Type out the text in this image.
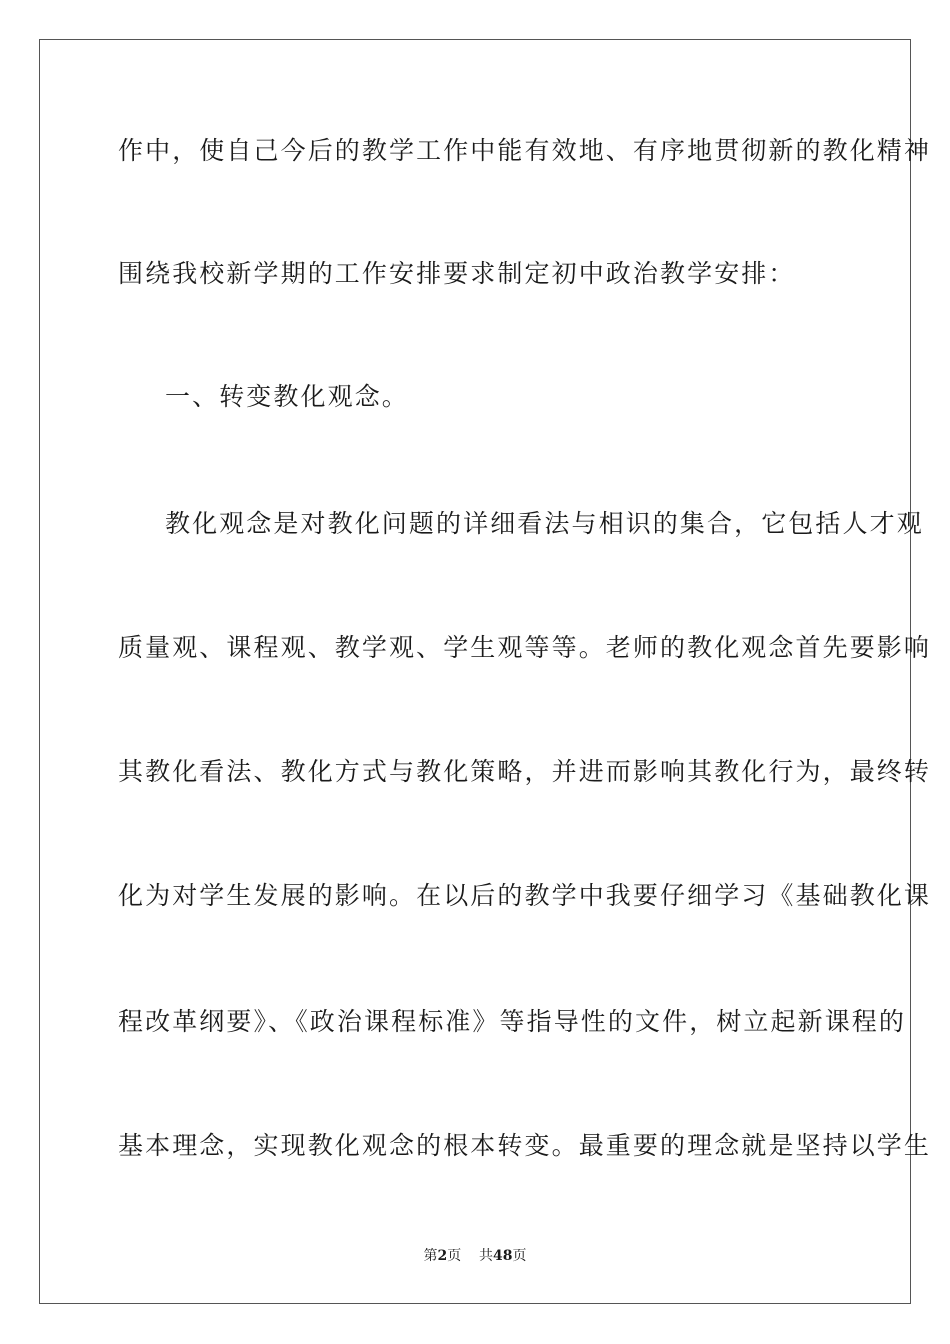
作中，使自己今后的教学工作中能有效地、有序地贯彻新的教化精神
围绕我校新学期的工作安排要求制定初中政治教学安排：
一、转变教化观念。
教化观念是对教化问题的详细看法与相识的集合，它包括人才观
质量观、课程观、教学观、学生观等等。老师的教化观念首先要影响
其教化看法、教化方式与教化策略，并进而影响其教化行为，最终转
化为对学生发展的影响。在以后的教学中我要仔细学习《基础教化课
程改革纲要》、《政治课程标准》等指导性的文件，树立起新课程的
基本理念，实现教化观念的根本转变。最重要的理念就是坚持以学生
第2页 共48页
